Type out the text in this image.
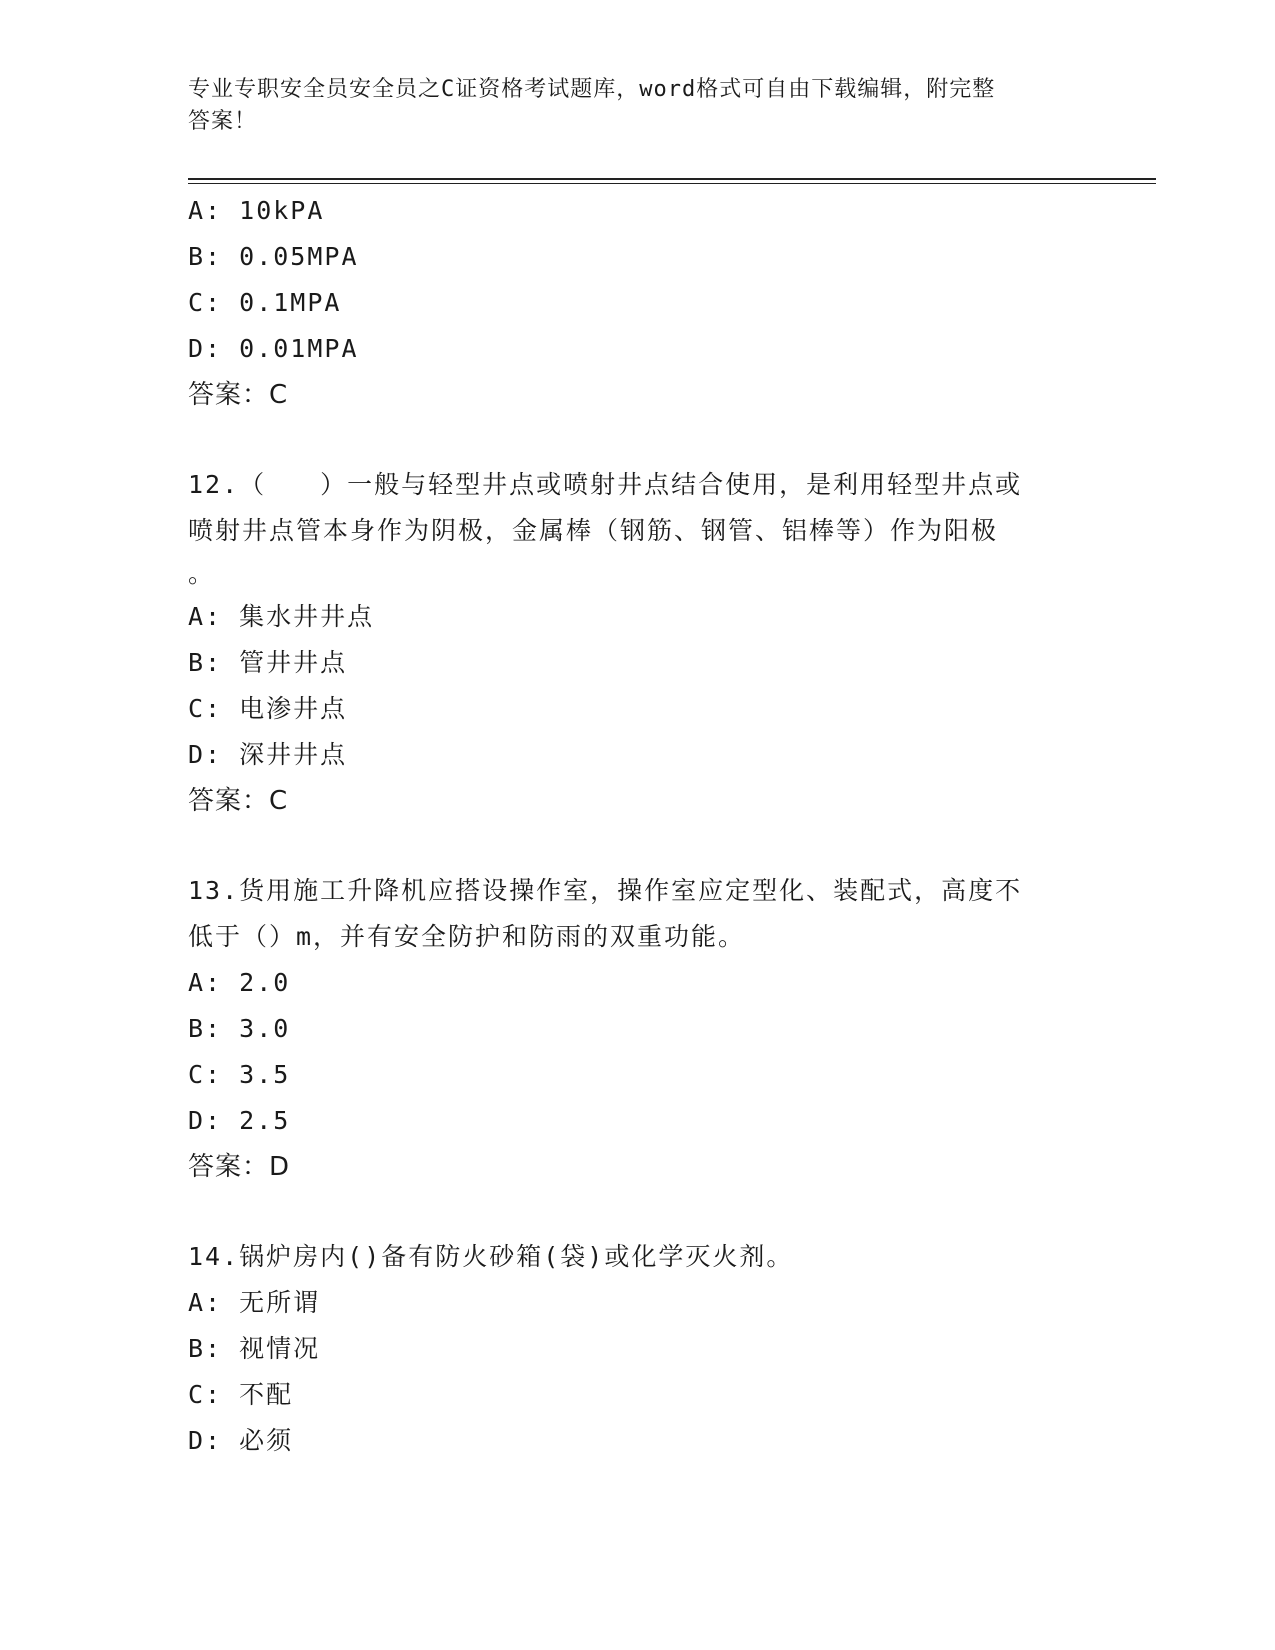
专业专职安全员安全员之C证资格考试题库，word格式可自由下载编辑，附完整
答案！
A: 10kPA
B: 0.05MPA
C: 0.1MPA
D: 0.01MPA
答案：C
12.（　　）一般与轻型井点或喷射井点结合使用，是利用轻型井点或
喷射井点管本身作为阴极，金属棒（钢筋、钢管、铝棒等）作为阳极
。
A: 集水井井点
B: 管井井点
C: 电渗井点
D: 深井井点
答案：C
13.货用施工升降机应搭设操作室，操作室应定型化、装配式，高度不
低于（）m，并有安全防护和防雨的双重功能。
A: 2.0
B: 3.0
C: 3.5
D: 2.5
答案：D
14.锅炉房内()备有防火砂箱(袋)或化学灭火剂。
A: 无所谓
B: 视情况
C: 不配
D: 必须
